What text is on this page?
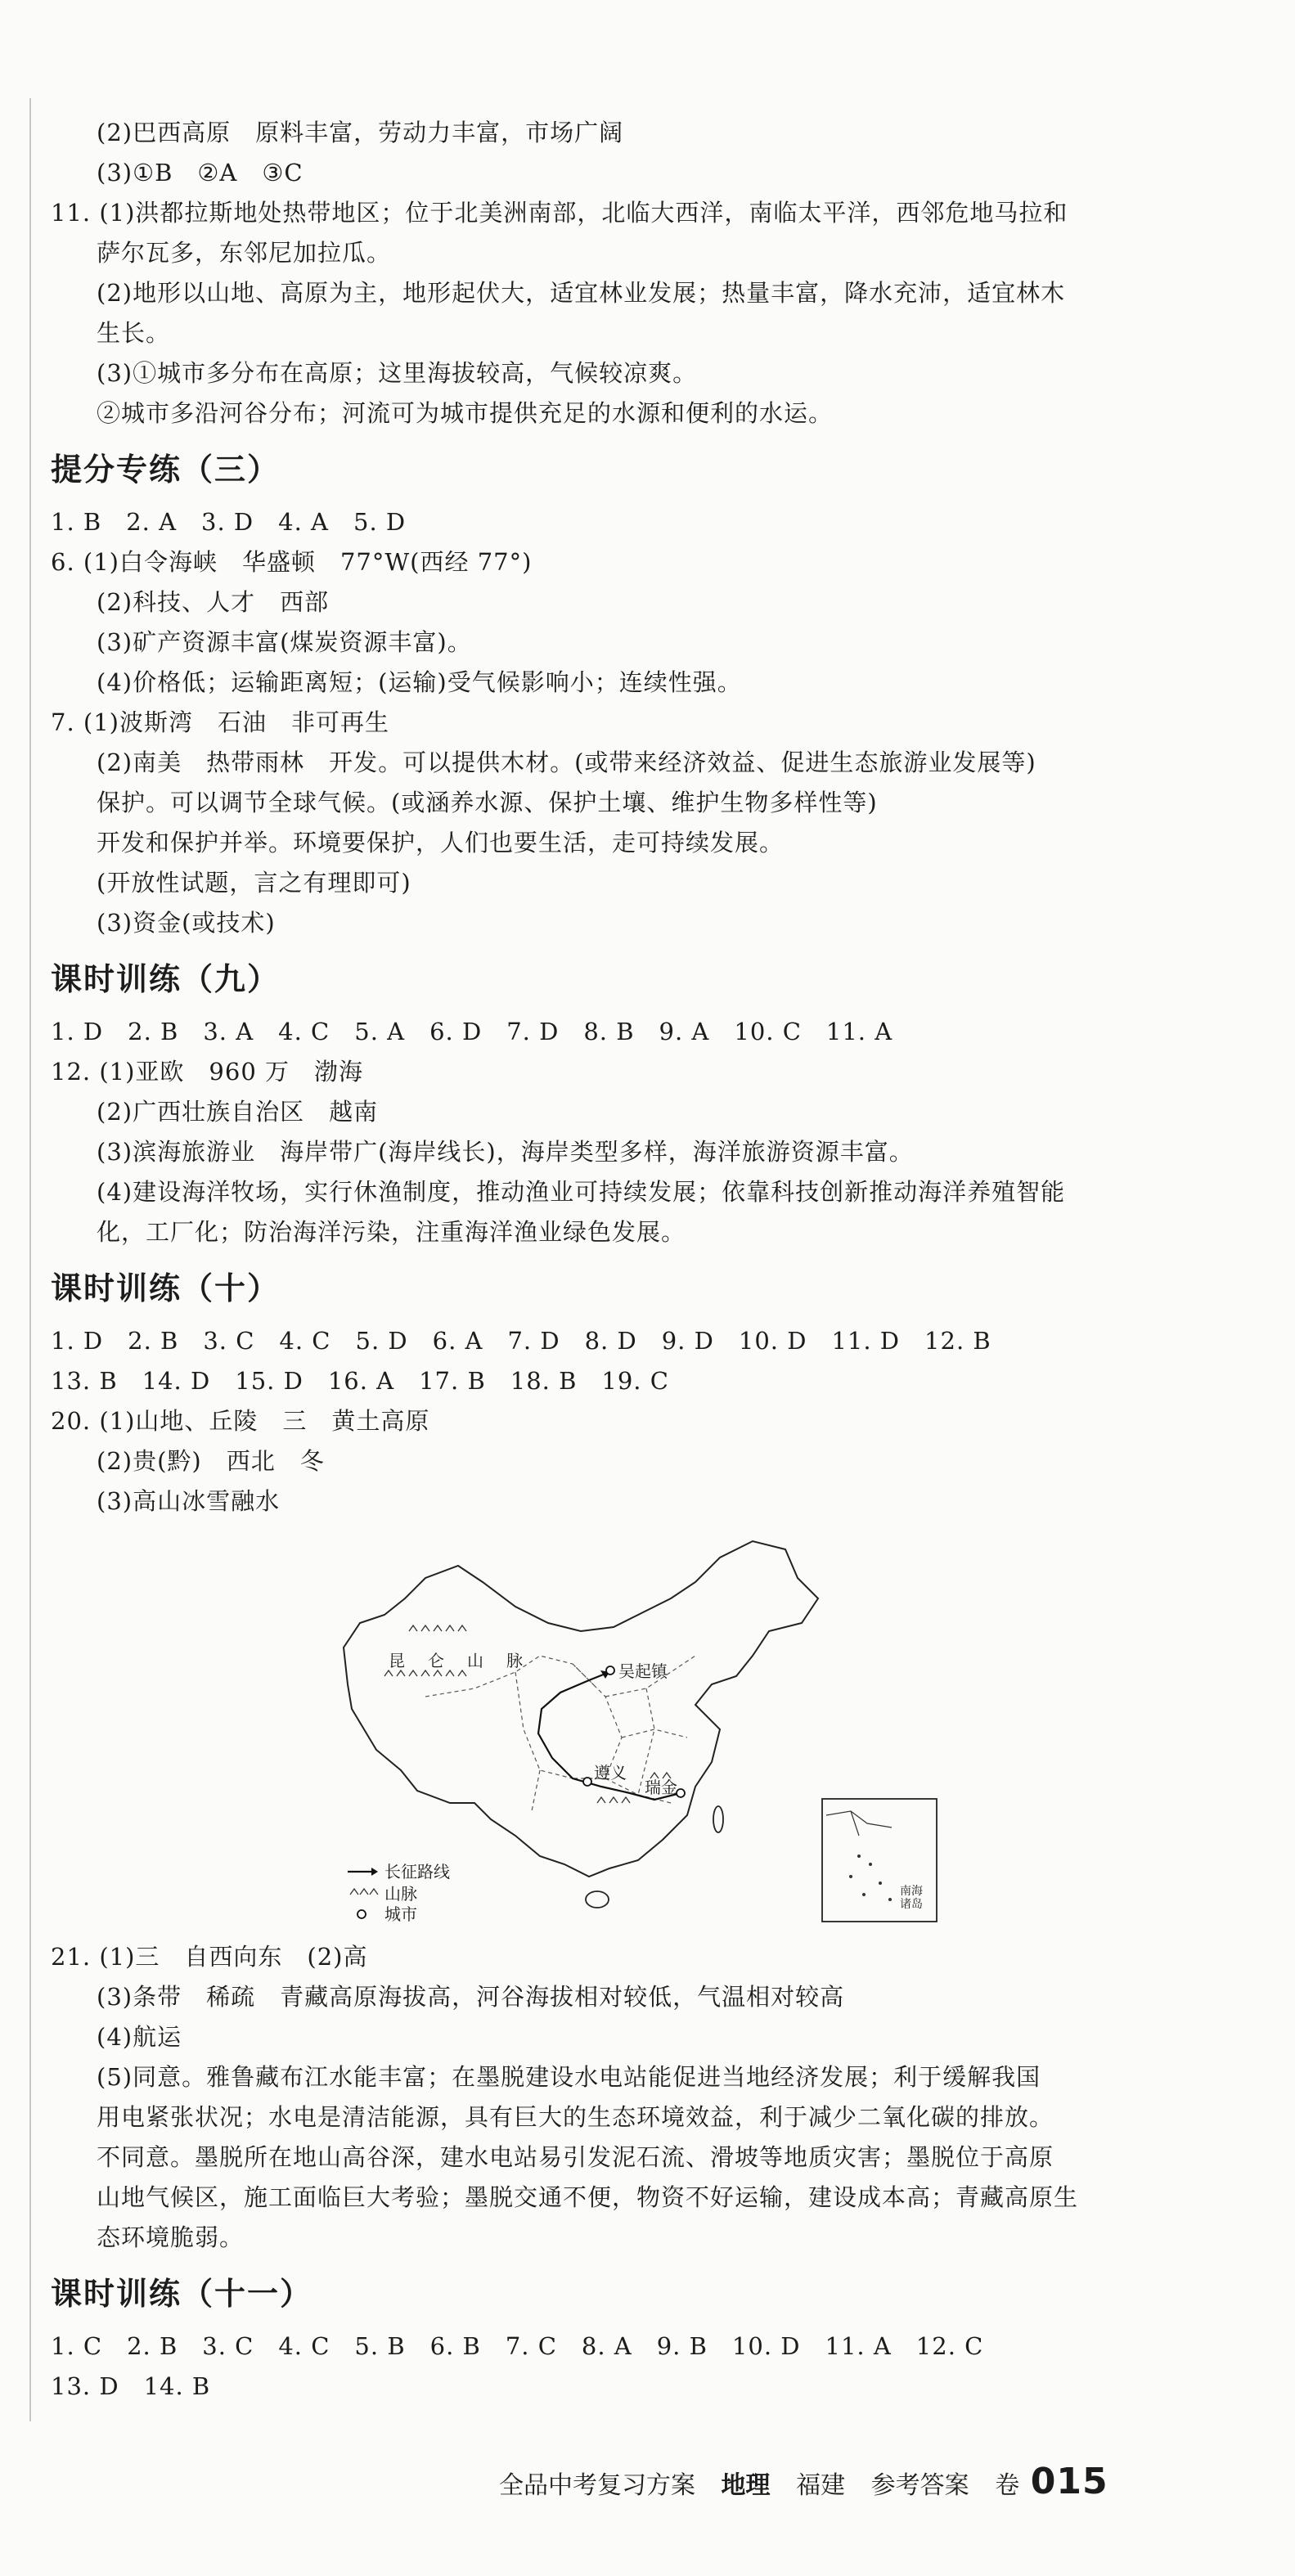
(2)巴西高原　原料丰富，劳动力丰富，市场广阔
(3)①B　②A　③C
11. (1)洪都拉斯地处热带地区；位于北美洲南部，北临大西洋，南临太平洋，西邻危地马拉和
萨尔瓦多，东邻尼加拉瓜。
(2)地形以山地、高原为主，地形起伏大，适宜林业发展；热量丰富，降水充沛，适宜林木
生长。
(3)①城市多分布在高原；这里海拔较高，气候较凉爽。
②城市多沿河谷分布；河流可为城市提供充足的水源和便利的水运。
提分专练（三）
1. B　2. A　3. D　4. A　5. D
6. (1)白令海峡　华盛顿　77°W(西经 77°)
(2)科技、人才　西部
(3)矿产资源丰富(煤炭资源丰富)。
(4)价格低；运输距离短；(运输)受气候影响小；连续性强。
7. (1)波斯湾　石油　非可再生
(2)南美　热带雨林　开发。可以提供木材。(或带来经济效益、促进生态旅游业发展等)
保护。可以调节全球气候。(或涵养水源、保护土壤、维护生物多样性等)
开发和保护并举。环境要保护，人们也要生活，走可持续发展。
(开放性试题，言之有理即可)
(3)资金(或技术)
课时训练（九）
1. D　2. B　3. A　4. C　5. A　6. D　7. D　8. B　9. A　10. C　11. A
12. (1)亚欧　960 万　渤海
(2)广西壮族自治区　越南
(3)滨海旅游业　海岸带广(海岸线长)，海岸类型多样，海洋旅游资源丰富。
(4)建设海洋牧场，实行休渔制度，推动渔业可持续发展；依靠科技创新推动海洋养殖智能
化，工厂化；防治海洋污染，注重海洋渔业绿色发展。
课时训练（十）
1. D　2. B　3. C　4. C　5. D　6. A　7. D　8. D　9. D　10. D　11. D　12. B
13. B　14. D　15. D　16. A　17. B　18. B　19. C
20. (1)山地、丘陵　三　黄土高原
(2)贵(黔)　西北　冬
(3)高山冰雪融水
昆　仑　山　脉
吴起镇
遵义
瑞金
南海诸岛
长征路线
山脉
城市
21. (1)三　自西向东　(2)高
(3)条带　稀疏　青藏高原海拔高，河谷海拔相对较低，气温相对较高
(4)航运
(5)同意。雅鲁藏布江水能丰富；在墨脱建设水电站能促进当地经济发展；利于缓解我国
用电紧张状况；水电是清洁能源，具有巨大的生态环境效益，利于减少二氧化碳的排放。
不同意。墨脱所在地山高谷深，建水电站易引发泥石流、滑坡等地质灾害；墨脱位于高原
山地气候区，施工面临巨大考验；墨脱交通不便，物资不好运输，建设成本高；青藏高原生
态环境脆弱。
课时训练（十一）
1. C　2. B　3. C　4. C　5. B　6. B　7. C　8. A　9. B　10. D　11. A　12. C
13. D　14. B
全品中考复习方案 地理 福建 参考答案 卷 015
